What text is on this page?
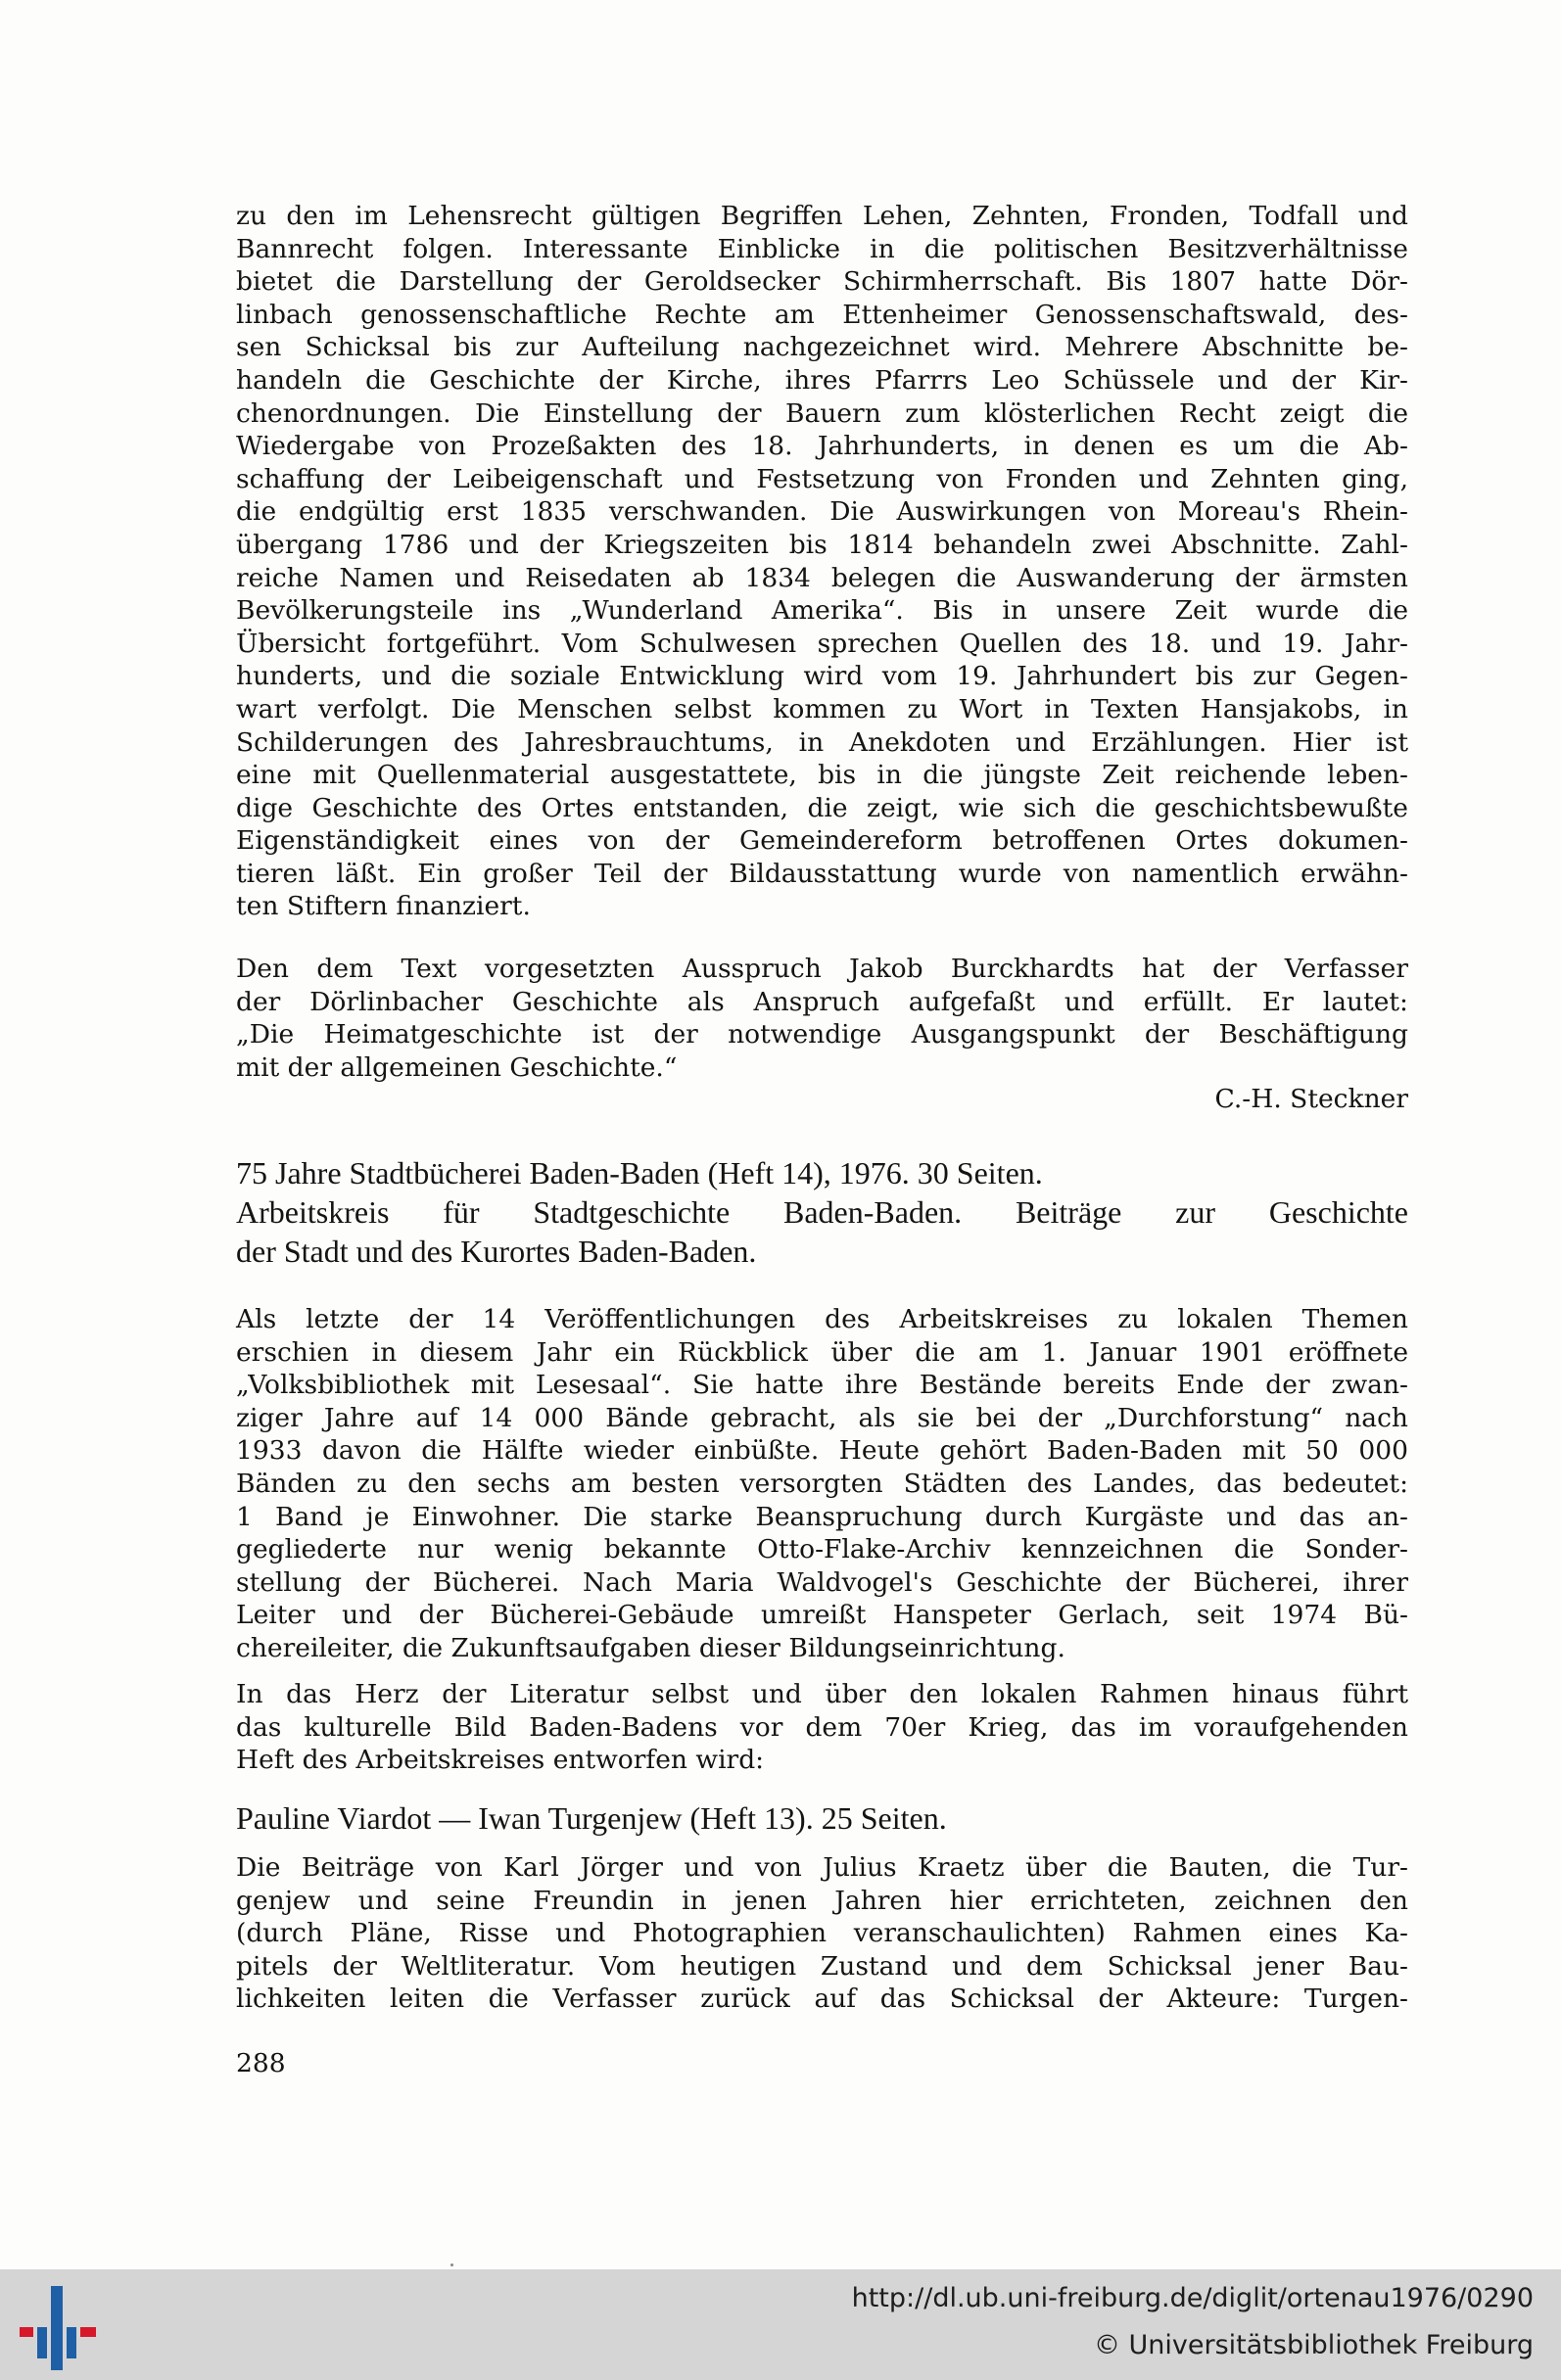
zu den im Lehensrecht gültigen Begriffen Lehen, Zehnten, Fronden, Todfall und
Bannrecht folgen. Interessante Einblicke in die politischen Besitzverhältnisse
bietet die Darstellung der Geroldsecker Schirmherrschaft. Bis 1807 hatte Dör-
linbach genossenschaftliche Rechte am Ettenheimer Genossenschaftswald, des-
sen Schicksal bis zur Aufteilung nachgezeichnet wird. Mehrere Abschnitte be-
handeln die Geschichte der Kirche, ihres Pfarrrs Leo Schüssele und der Kir-
chenordnungen. Die Einstellung der Bauern zum klösterlichen Recht zeigt die
Wiedergabe von Prozeßakten des 18. Jahrhunderts, in denen es um die Ab-
schaffung der Leibeigenschaft und Festsetzung von Fronden und Zehnten ging,
die endgültig erst 1835 verschwanden. Die Auswirkungen von Moreau's Rhein-
übergang 1786 und der Kriegszeiten bis 1814 behandeln zwei Abschnitte. Zahl-
reiche Namen und Reisedaten ab 1834 belegen die Auswanderung der ärmsten
Bevölkerungsteile ins „Wunderland Amerika“. Bis in unsere Zeit wurde die
Übersicht fortgeführt. Vom Schulwesen sprechen Quellen des 18. und 19. Jahr-
hunderts, und die soziale Entwicklung wird vom 19. Jahrhundert bis zur Gegen-
wart verfolgt. Die Menschen selbst kommen zu Wort in Texten Hansjakobs, in
Schilderungen des Jahresbrauchtums, in Anekdoten und Erzählungen. Hier ist
eine mit Quellenmaterial ausgestattete, bis in die jüngste Zeit reichende leben-
dige Geschichte des Ortes entstanden, die zeigt, wie sich die geschichtsbewußte
Eigenständigkeit eines von der Gemeindereform betroffenen Ortes dokumen-
tieren läßt. Ein großer Teil der Bildausstattung wurde von namentlich erwähn-
ten Stiftern finanziert.
Den dem Text vorgesetzten Ausspruch Jakob Burckhardts hat der Verfasser
der Dörlinbacher Geschichte als Anspruch aufgefaßt und erfüllt. Er lautet:
„Die Heimatgeschichte ist der notwendige Ausgangspunkt der Beschäftigung
mit der allgemeinen Geschichte.“

C.-H. Steckner

75 Jahre Stadtbücherei Baden-Baden (Heft 14), 1976. 30 Seiten.
Arbeitskreis für Stadtgeschichte Baden-Baden. Beiträge zur Geschichte
der Stadt und des Kurortes Baden-Baden.
Als letzte der 14 Veröffentlichungen des Arbeitskreises zu lokalen Themen
erschien in diesem Jahr ein Rückblick über die am 1. Januar 1901 eröffnete
„Volksbibliothek mit Lesesaal“. Sie hatte ihre Bestände bereits Ende der zwan-
ziger Jahre auf 14 000 Bände gebracht, als sie bei der „Durchforstung“ nach
1933 davon die Hälfte wieder einbüßte. Heute gehört Baden-Baden mit 50 000
Bänden zu den sechs am besten versorgten Städten des Landes, das bedeutet:
1 Band je Einwohner. Die starke Beanspruchung durch Kurgäste und das an-
gegliederte nur wenig bekannte Otto-Flake-Archiv kennzeichnen die Sonder-
stellung der Bücherei. Nach Maria Waldvogel's Geschichte der Bücherei, ihrer
Leiter und der Bücherei-Gebäude umreißt Hanspeter Gerlach, seit 1974 Bü-
chereileiter, die Zukunftsaufgaben dieser Bildungseinrichtung.
In das Herz der Literatur selbst und über den lokalen Rahmen hinaus führt
das kulturelle Bild Baden-Badens vor dem 70er Krieg, das im voraufgehenden
Heft des Arbeitskreises entworfen wird:

Pauline Viardot — Iwan Turgenjew (Heft 13). 25 Seiten.

Die Beiträge von Karl Jörger und von Julius Kraetz über die Bauten, die Tur-
genjew und seine Freundin in jenen Jahren hier errichteten, zeichnen den
(durch Pläne, Risse und Photographien veranschaulichten) Rahmen eines Ka-
pitels der Weltliteratur. Vom heutigen Zustand und dem Schicksal jener Bau-
lichkeiten leiten die Verfasser zurück auf das Schicksal der Akteure: Turgen-

288

http://dl.ub.uni-freiburg.de/diglit/ortenau1976/0290

© Universitätsbibliothek Freiburg
